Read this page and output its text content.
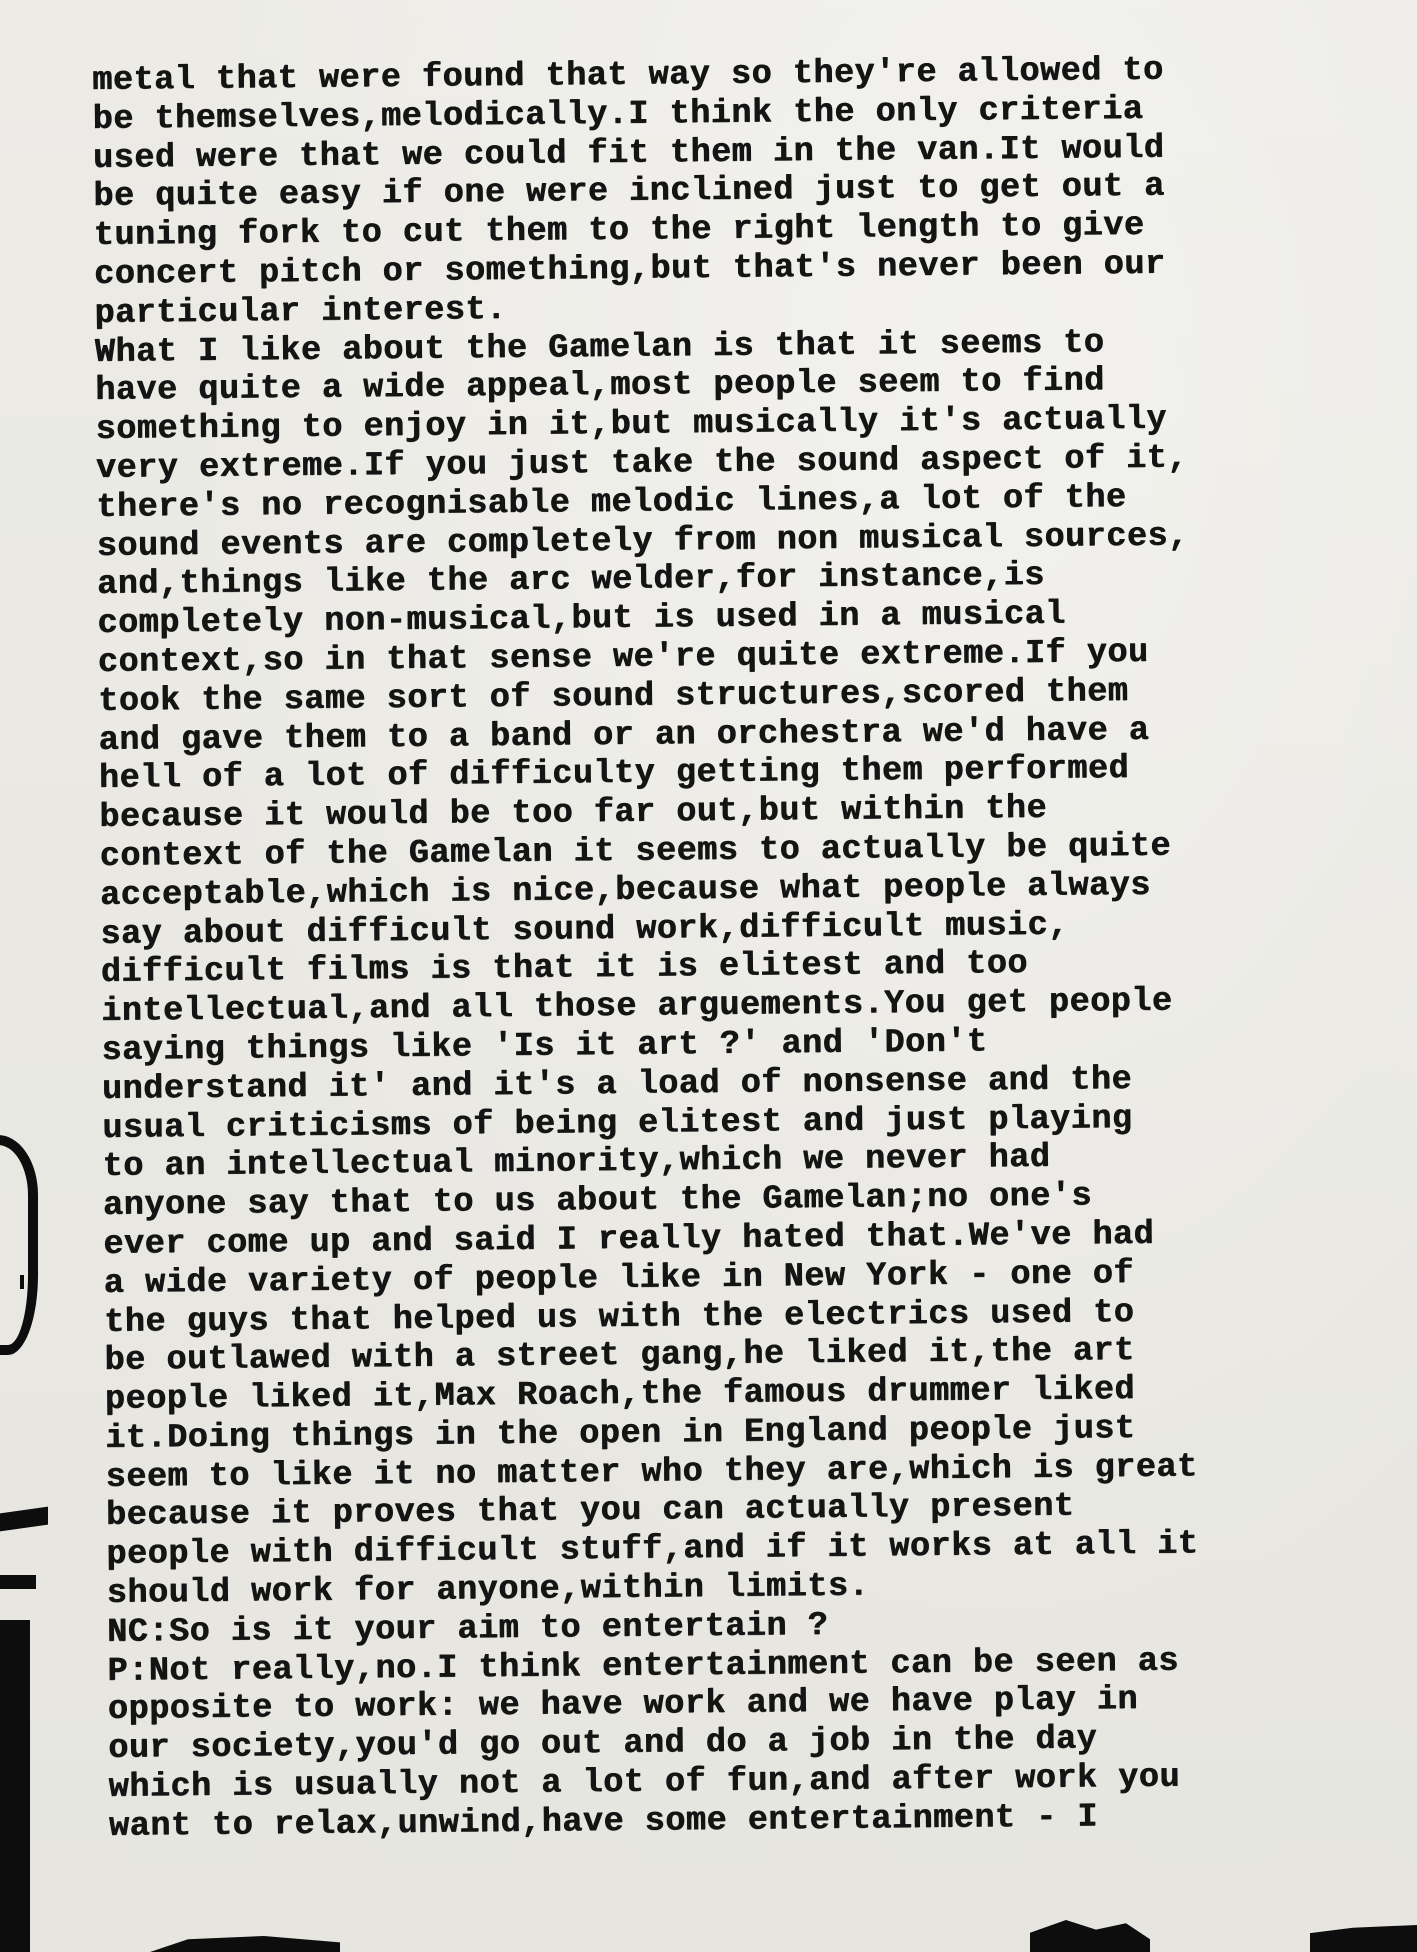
metal that were found that way so they're allowed to
be themselves,melodically.I think the only criteria
used were that we could fit them in the van.It would
be quite easy if one were inclined just to get out a
tuning fork to cut them to the right length to give
concert pitch or something,but that's never been our
particular interest.
What I like about the Gamelan is that it seems to
have quite a wide appeal,most people seem to find
something to enjoy in it,but musically it's actually
very extreme.If you just take the sound aspect of it,
there's no recognisable melodic lines,a lot of the
sound events are completely from non musical sources,
and,things like the arc welder,for instance,is
completely non-musical,but is used in a musical
context,so in that sense we're quite extreme.If you
took the same sort of sound structures,scored them
and gave them to a band or an orchestra we'd have a
hell of a lot of difficulty getting them performed
because it would be too far out,but within the
context of the Gamelan it seems to actually be quite
acceptable,which is nice,because what people always
say about difficult sound work,difficult music,
difficult films is that it is elitest and too
intellectual,and all those arguements.You get people
saying things like 'Is it art ?' and 'Don't
understand it' and it's a load of nonsense and the
usual criticisms of being elitest and just playing
to an intellectual minority,which we never had
anyone say that to us about the Gamelan;no one's
ever come up and said I really hated that.We've had
a wide variety of people like in New York - one of
the guys that helped us with the electrics used to
be outlawed with a street gang,he liked it,the art
people liked it,Max Roach,the famous drummer liked
it.Doing things in the open in England people just
seem to like it no matter who they are,which is great
because it proves that you can actually present
people with difficult stuff,and if it works at all it
should work for anyone,within limits.
NC:So is it your aim to entertain ?
P:Not really,no.I think entertainment can be seen as
opposite to work: we have work and we have play in
our society,you'd go out and do a job in the day
which is usually not a lot of fun,and after work you
want to relax,unwind,have some entertainment - I
